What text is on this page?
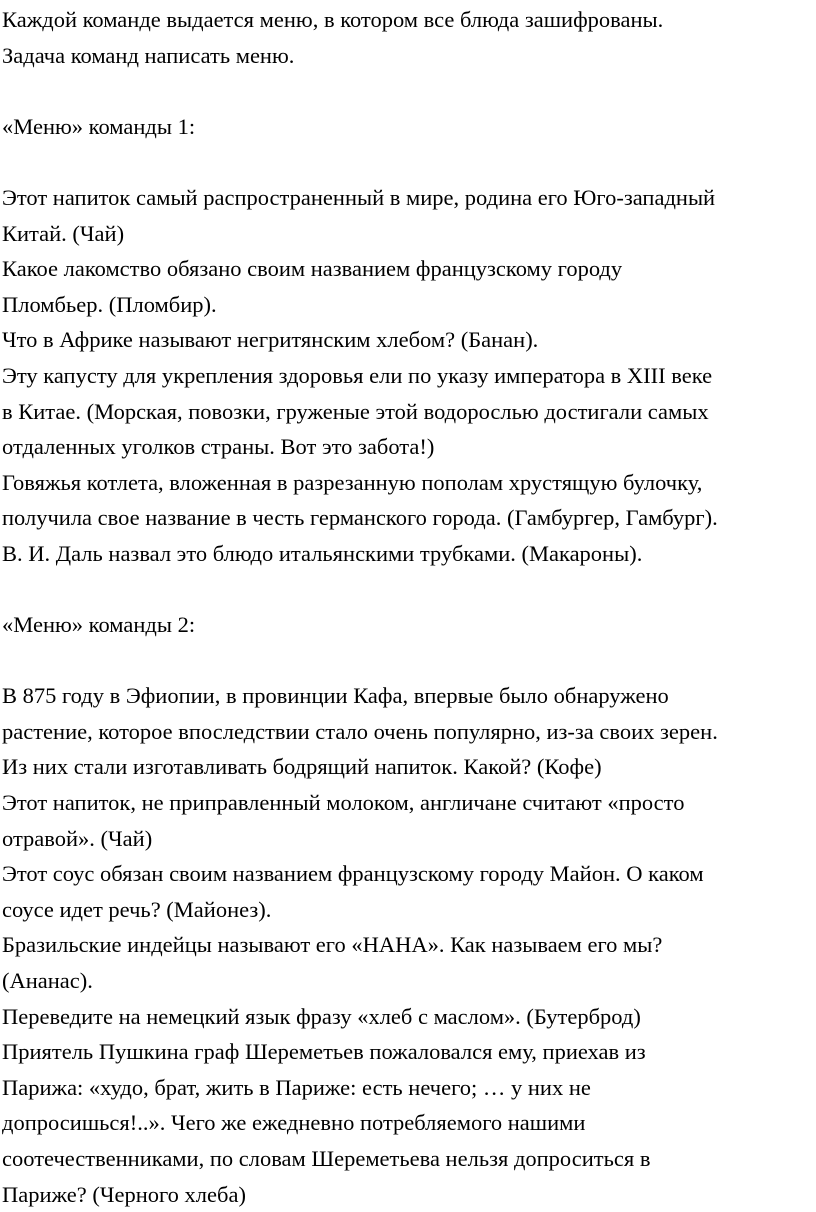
Каждой команде выдается меню, в котором все блюда зашифрованы.
Задача команд написать меню.
«Меню» команды 1:
Этот напиток самый распространенный в мире, родина его Юго-западный
Китай. (Чай)
Какое лакомство обязано своим названием французскому городу
Пломбьер. (Пломбир).
Что в Африке называют негритянским хлебом? (Банан).
Эту капусту для укрепления здоровья ели по указу императора в XIII веке
в Китае. (Морская, повозки, груженые этой водорослью достигали самых
отдаленных уголков страны. Вот это забота!)
Говяжья котлета, вложенная в разрезанную пополам хрустящую булочку,
получила свое название в честь германского города. (Гамбургер, Гамбург).
В. И. Даль назвал это блюдо итальянскими трубками. (Макароны).
«Меню» команды 2:
В 875 году в Эфиопии, в провинции Кафа, впервые было обнаружено
растение, которое впоследствии стало очень популярно, из-за своих зерен.
Из них стали изготавливать бодрящий напиток. Какой? (Кофе)
Этот напиток, не приправленный молоком, англичане считают «просто
отравой». (Чай)
Этот соус обязан своим названием французскому городу Майон. О каком
соусе идет речь? (Майонез).
Бразильские индейцы называют его «НАНА». Как называем его мы?
(Ананас).
Переведите на немецкий язык фразу «хлеб с маслом». (Бутерброд)
Приятель Пушкина граф Шереметьев пожаловался ему, приехав из
Парижа: «худо, брат, жить в Париже: есть нечего; … у них не
допросишься!..». Чего же ежедневно потребляемого нашими
соотечественниками, по словам Шереметьева нельзя допроситься в
Париже? (Черного хлеба)
